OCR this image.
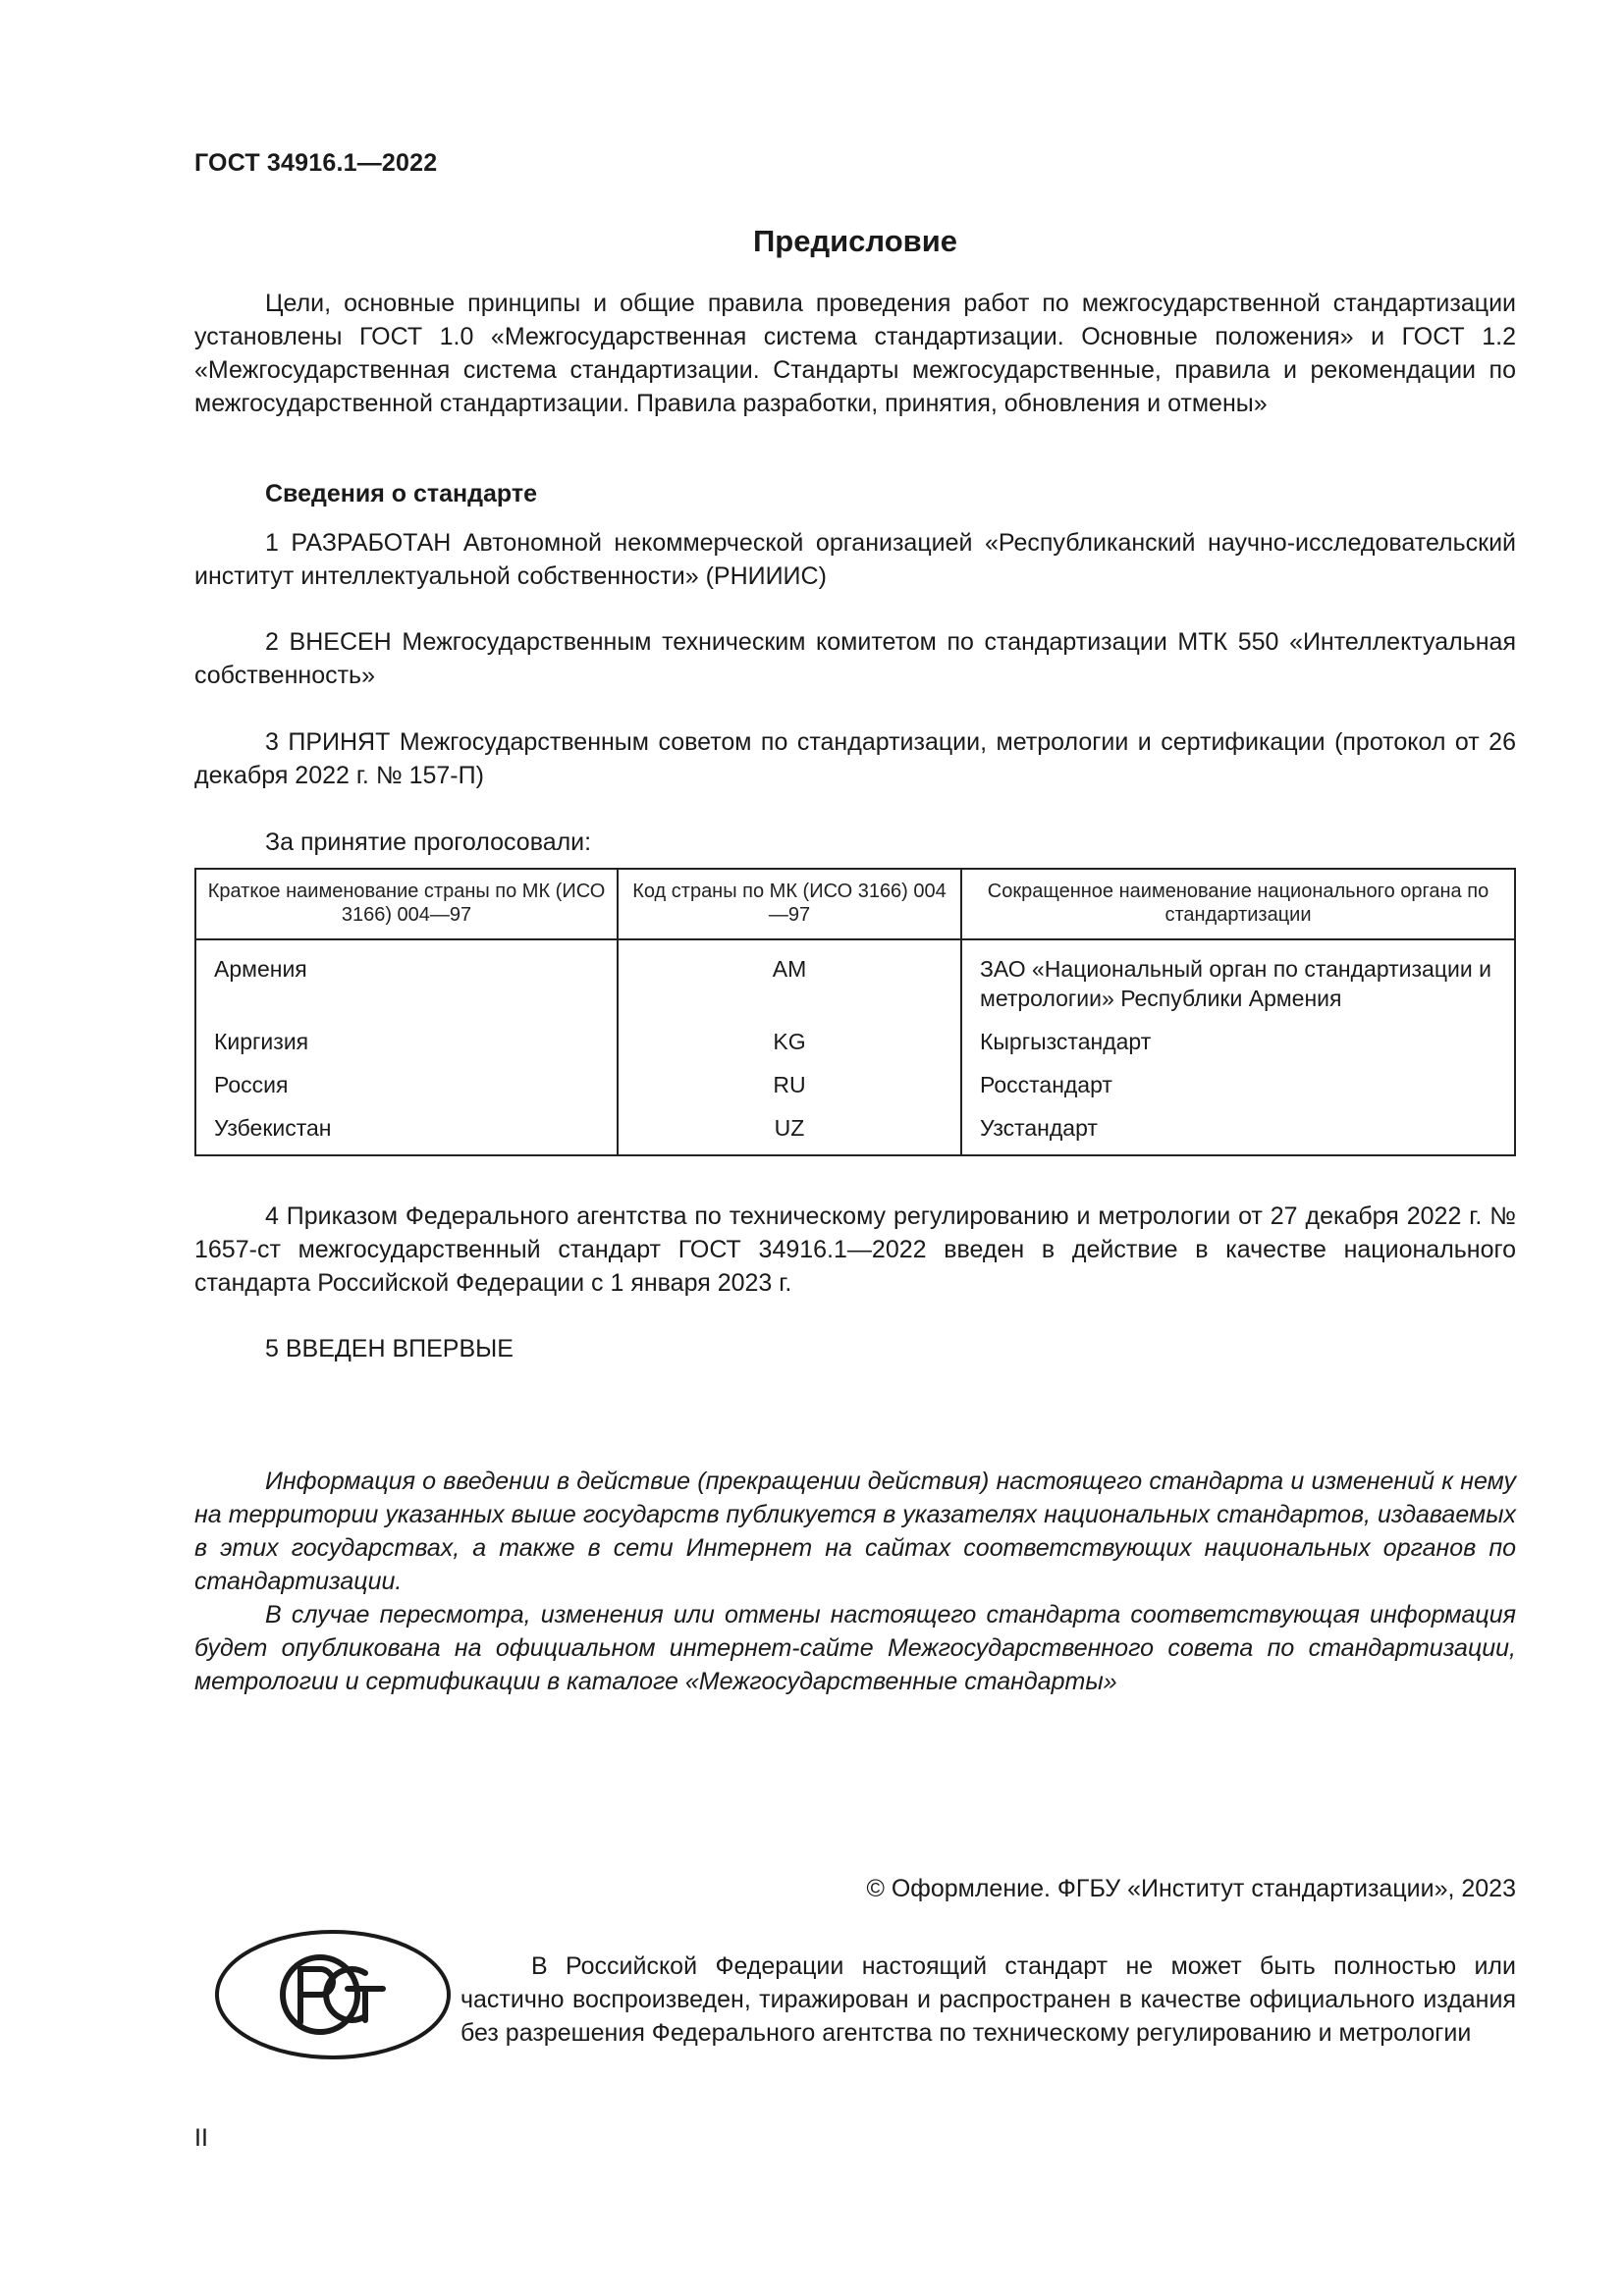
ГОСТ 34916.1—2022
Предисловие

Цели, основные принципы и общие правила проведения работ по межгосударственной стандартизации установлены ГОСТ 1.0 «Межгосударственная система стандартизации. Основные положения» и ГОСТ 1.2 «Межгосударственная система стандартизации. Стандарты межгосударственные, правила и рекомендации по межгосударственной стандартизации. Правила разработки, принятия, обновления и отмены»

Сведения о стандарте

1 РАЗРАБОТАН Автономной некоммерческой организацией «Республиканский научно-исследовательский институт интеллектуальной собственности» (РНИИИС)

2 ВНЕСЕН Межгосударственным техническим комитетом по стандартизации МТК 550 «Интеллектуальная собственность»

3 ПРИНЯТ Межгосударственным советом по стандартизации, метрологии и сертификации (протокол от 26 декабря 2022 г. № 157-П)

За принятие проголосовали:
Краткое наименование страны по МК (ИСО 3166) 004—97	Код страны по МК (ИСО 3166) 004—97	Сокращенное наименование национального органа по стандартизации
Армения	AM	ЗАО «Национальный орган по стандартизации и метрологии» Республики Армения
Киргизия	KG	Кыргызстандарт
Россия	RU	Росстандарт
Узбекистан	UZ	Узстандарт

4 Приказом Федерального агентства по техническому регулированию и метрологии от 27 декабря 2022 г. № 1657-ст межгосударственный стандарт ГОСТ 34916.1—2022 введен в действие в качестве национального стандарта Российской Федерации с 1 января 2023 г.

5 ВВЕДЕН ВПЕРВЫЕ

Информация о введении в действие (прекращении действия) настоящего стандарта и изменений к нему на территории указанных выше государств публикуется в указателях национальных стандартов, издаваемых в этих государствах, а также в сети Интернет на сайтах соответствующих национальных органов по стандартизации.

В случае пересмотра, изменения или отмены настоящего стандарта соответствующая информация будет опубликована на официальном интернет-сайте Межгосударственного совета по стандартизации, метрологии и сертификации в каталоге «Межгосударственные стандарты»

© Оформление. ФГБУ «Институт стандартизации», 2023

В Российской Федерации настоящий стандарт не может быть полностью или частично воспроизведен, тиражирован и распространен в качестве официального издания без разрешения Федерального агентства по техническому регулированию и метрологии

II
